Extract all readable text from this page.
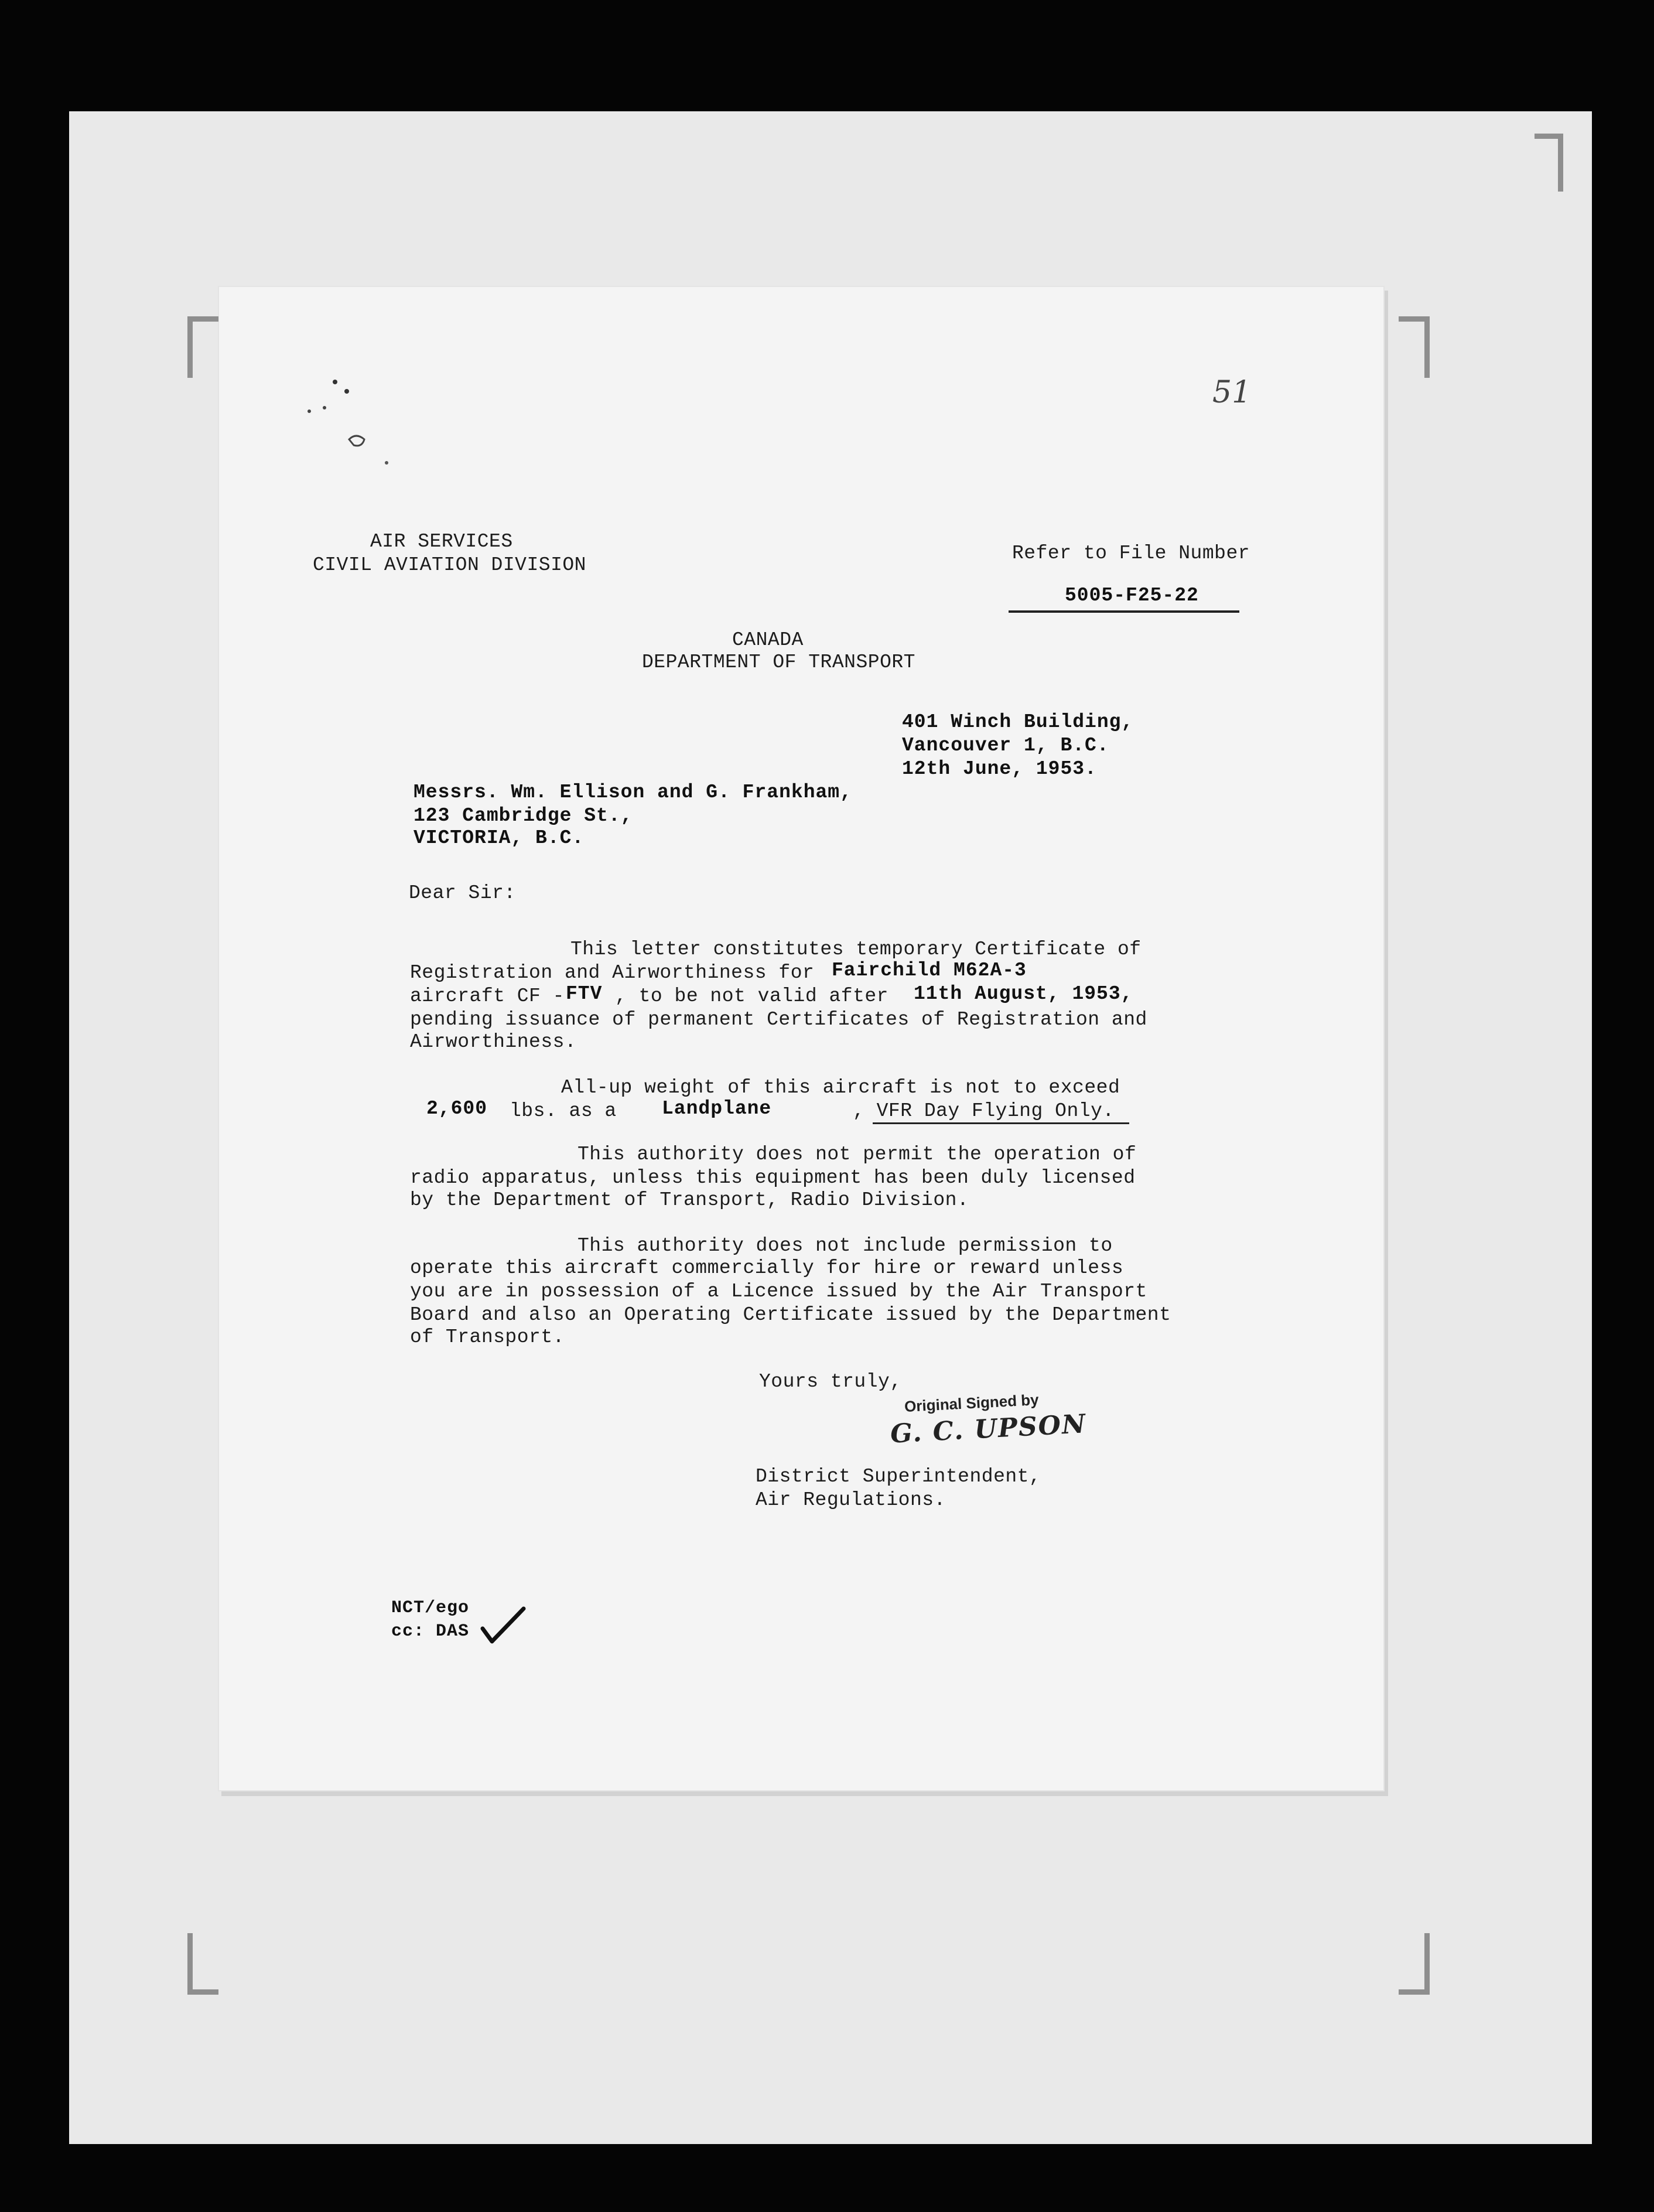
51
AIR SERVICES
CIVIL AVIATION DIVISION
Refer to File Number
5005-F25-22
CANADA
DEPARTMENT OF TRANSPORT
401 Winch Building,
Vancouver 1, B.C.
12th June, 1953.
Messrs. Wm. Ellison and G. Frankham,
123 Cambridge St.,
VICTORIA, B.C.
Dear Sir:
This letter constitutes temporary Certificate of
Registration and Airworthiness for Fairchild M62A-3
aircraft CF - FTV , to be not valid after 11th August, 1953,
pending issuance of permanent Certificates of Registration and
Airworthiness.
All-up weight of this aircraft is not to exceed
2,600 lbs. as a Landplane	, VFR Day Flying Only.
This authority does not permit the operation of
radio apparatus, unless this equipment has been duly licensed
by the Department of Transport, Radio Division.
This authority does not include permission to
operate this aircraft commercially for hire or reward unless
you are in possession of a Licence issued by the Air Transport
Board and also an Operating Certificate issued by the Department
of Transport.
Yours truly,
Original Signed by
G. C. UPSON
District Superintendent,
Air Regulations.
NCT/ego
cc: DAS
